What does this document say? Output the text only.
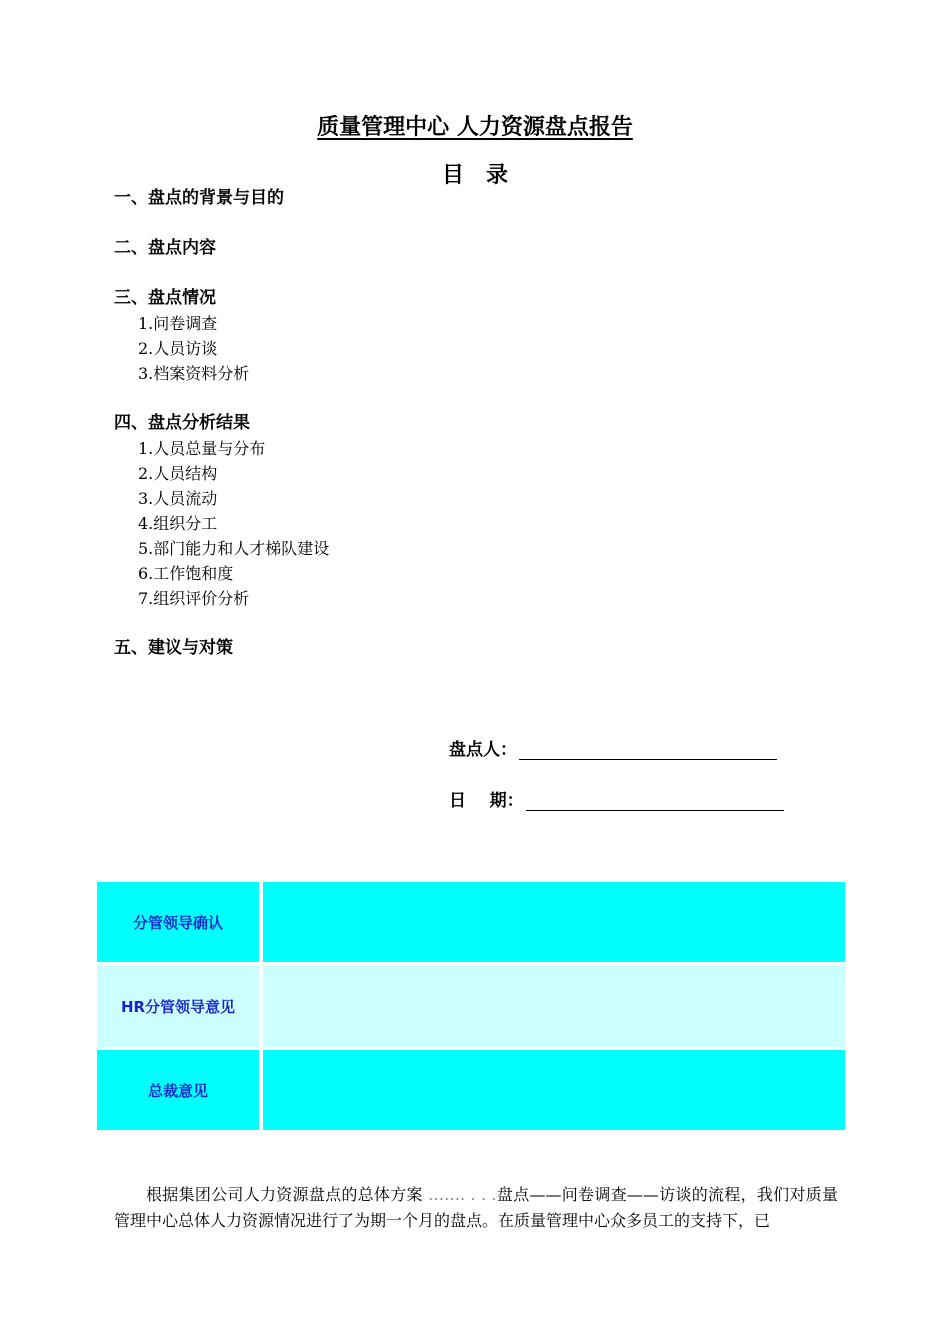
质量管理中心 人力资源盘点报告
目录
一、盘点的背景与目的
二、盘点内容
三、盘点情况
1.问卷调查
2.人员访谈
3.档案资料分析
四、盘点分析结果
1.人员总量与分布
2.人员结构
3.人员流动
4.组织分工
5.部门能力和人才梯队建设
6.工作饱和度
7.组织评价分析
五、建议与对策
盘点人：
日    期：
分管领导确认	
HR分管领导意见	
总裁意见	
根据集团公司人力资源盘点的总体方案 ……. . . .盘点——问卷调查——访谈的流程，我们对质量管理中心总体人力资源情况进行了为期一个月的盘点。在质量管理中心众多员工的支持下，已
